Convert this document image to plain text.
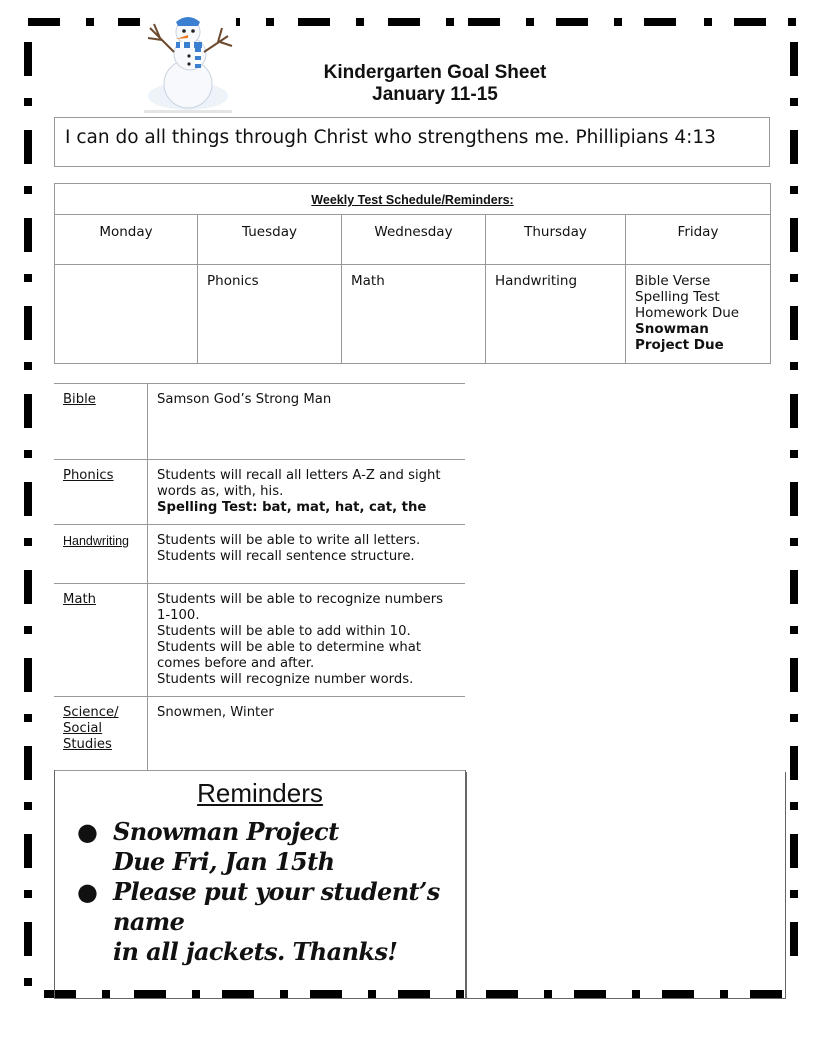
Kindergarten Goal Sheet
January 11-15
I can do all things through Christ who strengthens me. Phillipians 4:13
Weekly Test Schedule/Reminders:				
Monday	Tuesday	Wednesday	Thursday	Friday
	Phonics	Math	Handwriting	Bible Verse
Spelling Test
Homework Due
Snowman Project Due
Bible	Samson God’s Strong Man

Phonics	Students will recall all letters A-Z and sight words as, with, his.
Spelling Test: bat, mat, hat, cat, the

Handwriting	Students will be able to write all letters.
Students will recall sentence structure.

Math	Students will be able to recognize numbers 1-100.
Students will be able to add within 10.
Students will be able to determine what comes before and after.
Students will recognize number words.

Science/
Social
Studies	Snowmen, Winter
Reminders
● Snowman Project
Due Fri, Jan 15th
● Please put your student’s name
in all jackets. Thanks!
